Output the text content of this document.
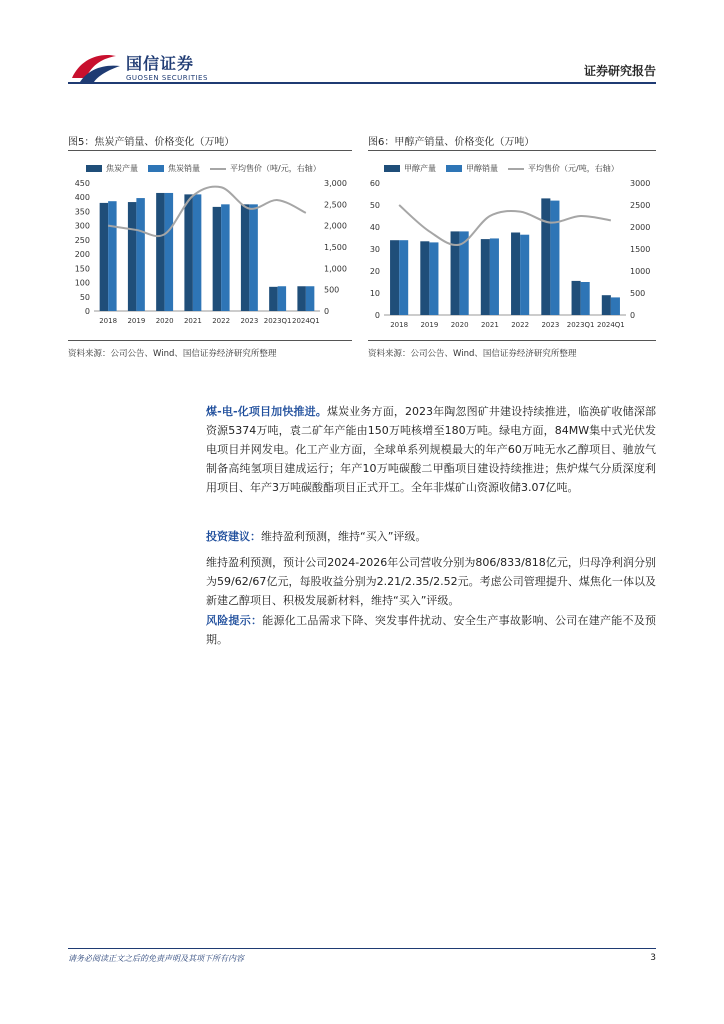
国信证券
GUOSEN SECURITIES	证券研究报告
图5：焦炭产销量、价格变化（万吨）
焦炭产量	焦炭销量	平均售价（吨/元，右轴）
0
50
100
150
200
250
300
350
400
450
0
500
1,000
1,500
2,000
2,500
3,000
2018 2019 2020 2021 2022 2023 2023Q1 2024Q1
资料来源：公司公告、Wind、国信证券经济研究所整理
图6：甲醇产销量、价格变化（万吨）
甲醇产量	甲醇销量	平均售价（元/吨，右轴）
0
10
20
30
40
50
60
0
500
1000
1500
2000
2500
3000
2018 2019 2020 2021 2022 2023 2023Q1 2024Q1
资料来源：公司公告、Wind、国信证券经济研究所整理
煤-电-化项目加快推进。煤炭业务方面，2023年陶忽图矿井建设持续推进，临涣矿收储深部资源5374万吨，袁二矿年产能由150万吨核增至180万吨。绿电方面，84MW集中式光伏发电项目并网发电。化工产业方面，全球单系列规模最大的年产60万吨无水乙醇项目、驰放气制备高纯氢项目建成运行；年产10万吨碳酸二甲酯项目建设持续推进；焦炉煤气分质深度利用项目、年产3万吨碳酸酯项目正式开工。全年非煤矿山资源收储3.07亿吨。
投资建议：维持盈利预测，维持“买入”评级。
维持盈利预测，预计公司2024-2026年公司营收分别为806/833/818亿元，归母净利润分别为59/62/67亿元，每股收益分别为2.21/2.35/2.52元。考虑公司管理提升、煤焦化一体以及新建乙醇项目、积极发展新材料，维持“买入”评级。
风险提示：能源化工品需求下降、突发事件扰动、安全生产事故影响、公司在建产能不及预期。
请务必阅读正文之后的免责声明及其项下所有内容	3
